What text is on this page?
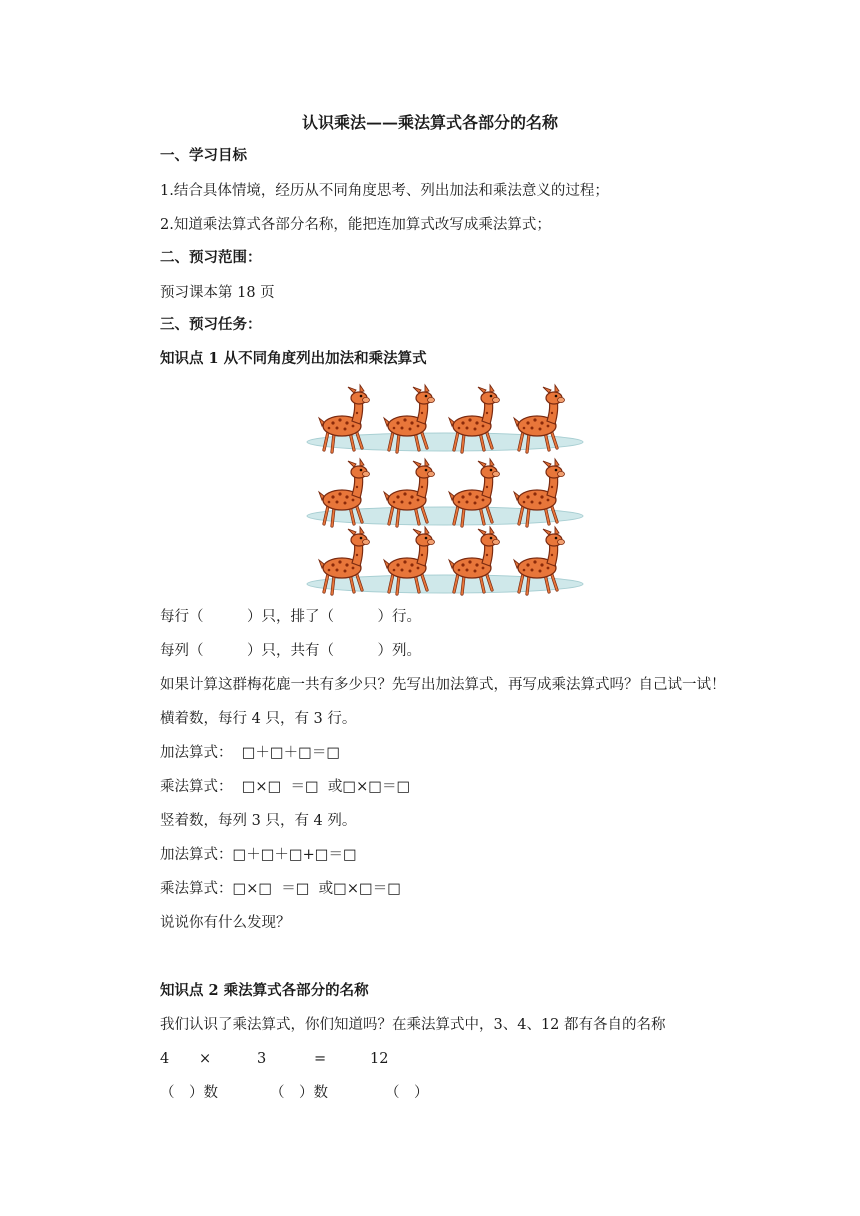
认识乘法——乘法算式各部分的名称
一、学习目标
1.结合具体情境，经历从不同角度思考、列出加法和乘法意义的过程；
2.知道乘法算式各部分名称，能把连加算式改写成乘法算式；
二、预习范围：
预习课本第 18 页
三、预习任务：
知识点 1 从不同角度列出加法和乘法算式
每行（　　　）只，排了（　　　）行。
每列（　　　）只，共有（　　　）列。
如果计算这群梅花鹿一共有多少只？先写出加法算式，再写成乘法算式吗？自己试一试！
横着数，每行 4 只，有 3 行。
加法算式：  □＋□＋□＝□
乘法算式：  □×□  ＝□  或□×□＝□
竖着数，每列 3 只，有 4 列。
加法算式：□＋□＋□+□＝□
乘法算式：□×□  ＝□  或□×□＝□
说说你有什么发现？
知识点 2 乘法算式各部分的名称
我们认识了乘法算式，你们知道吗？在乘法算式中，3、4、12 都有各自的名称
4 ×	3	=	12
（　）数	（　）数	（　）
